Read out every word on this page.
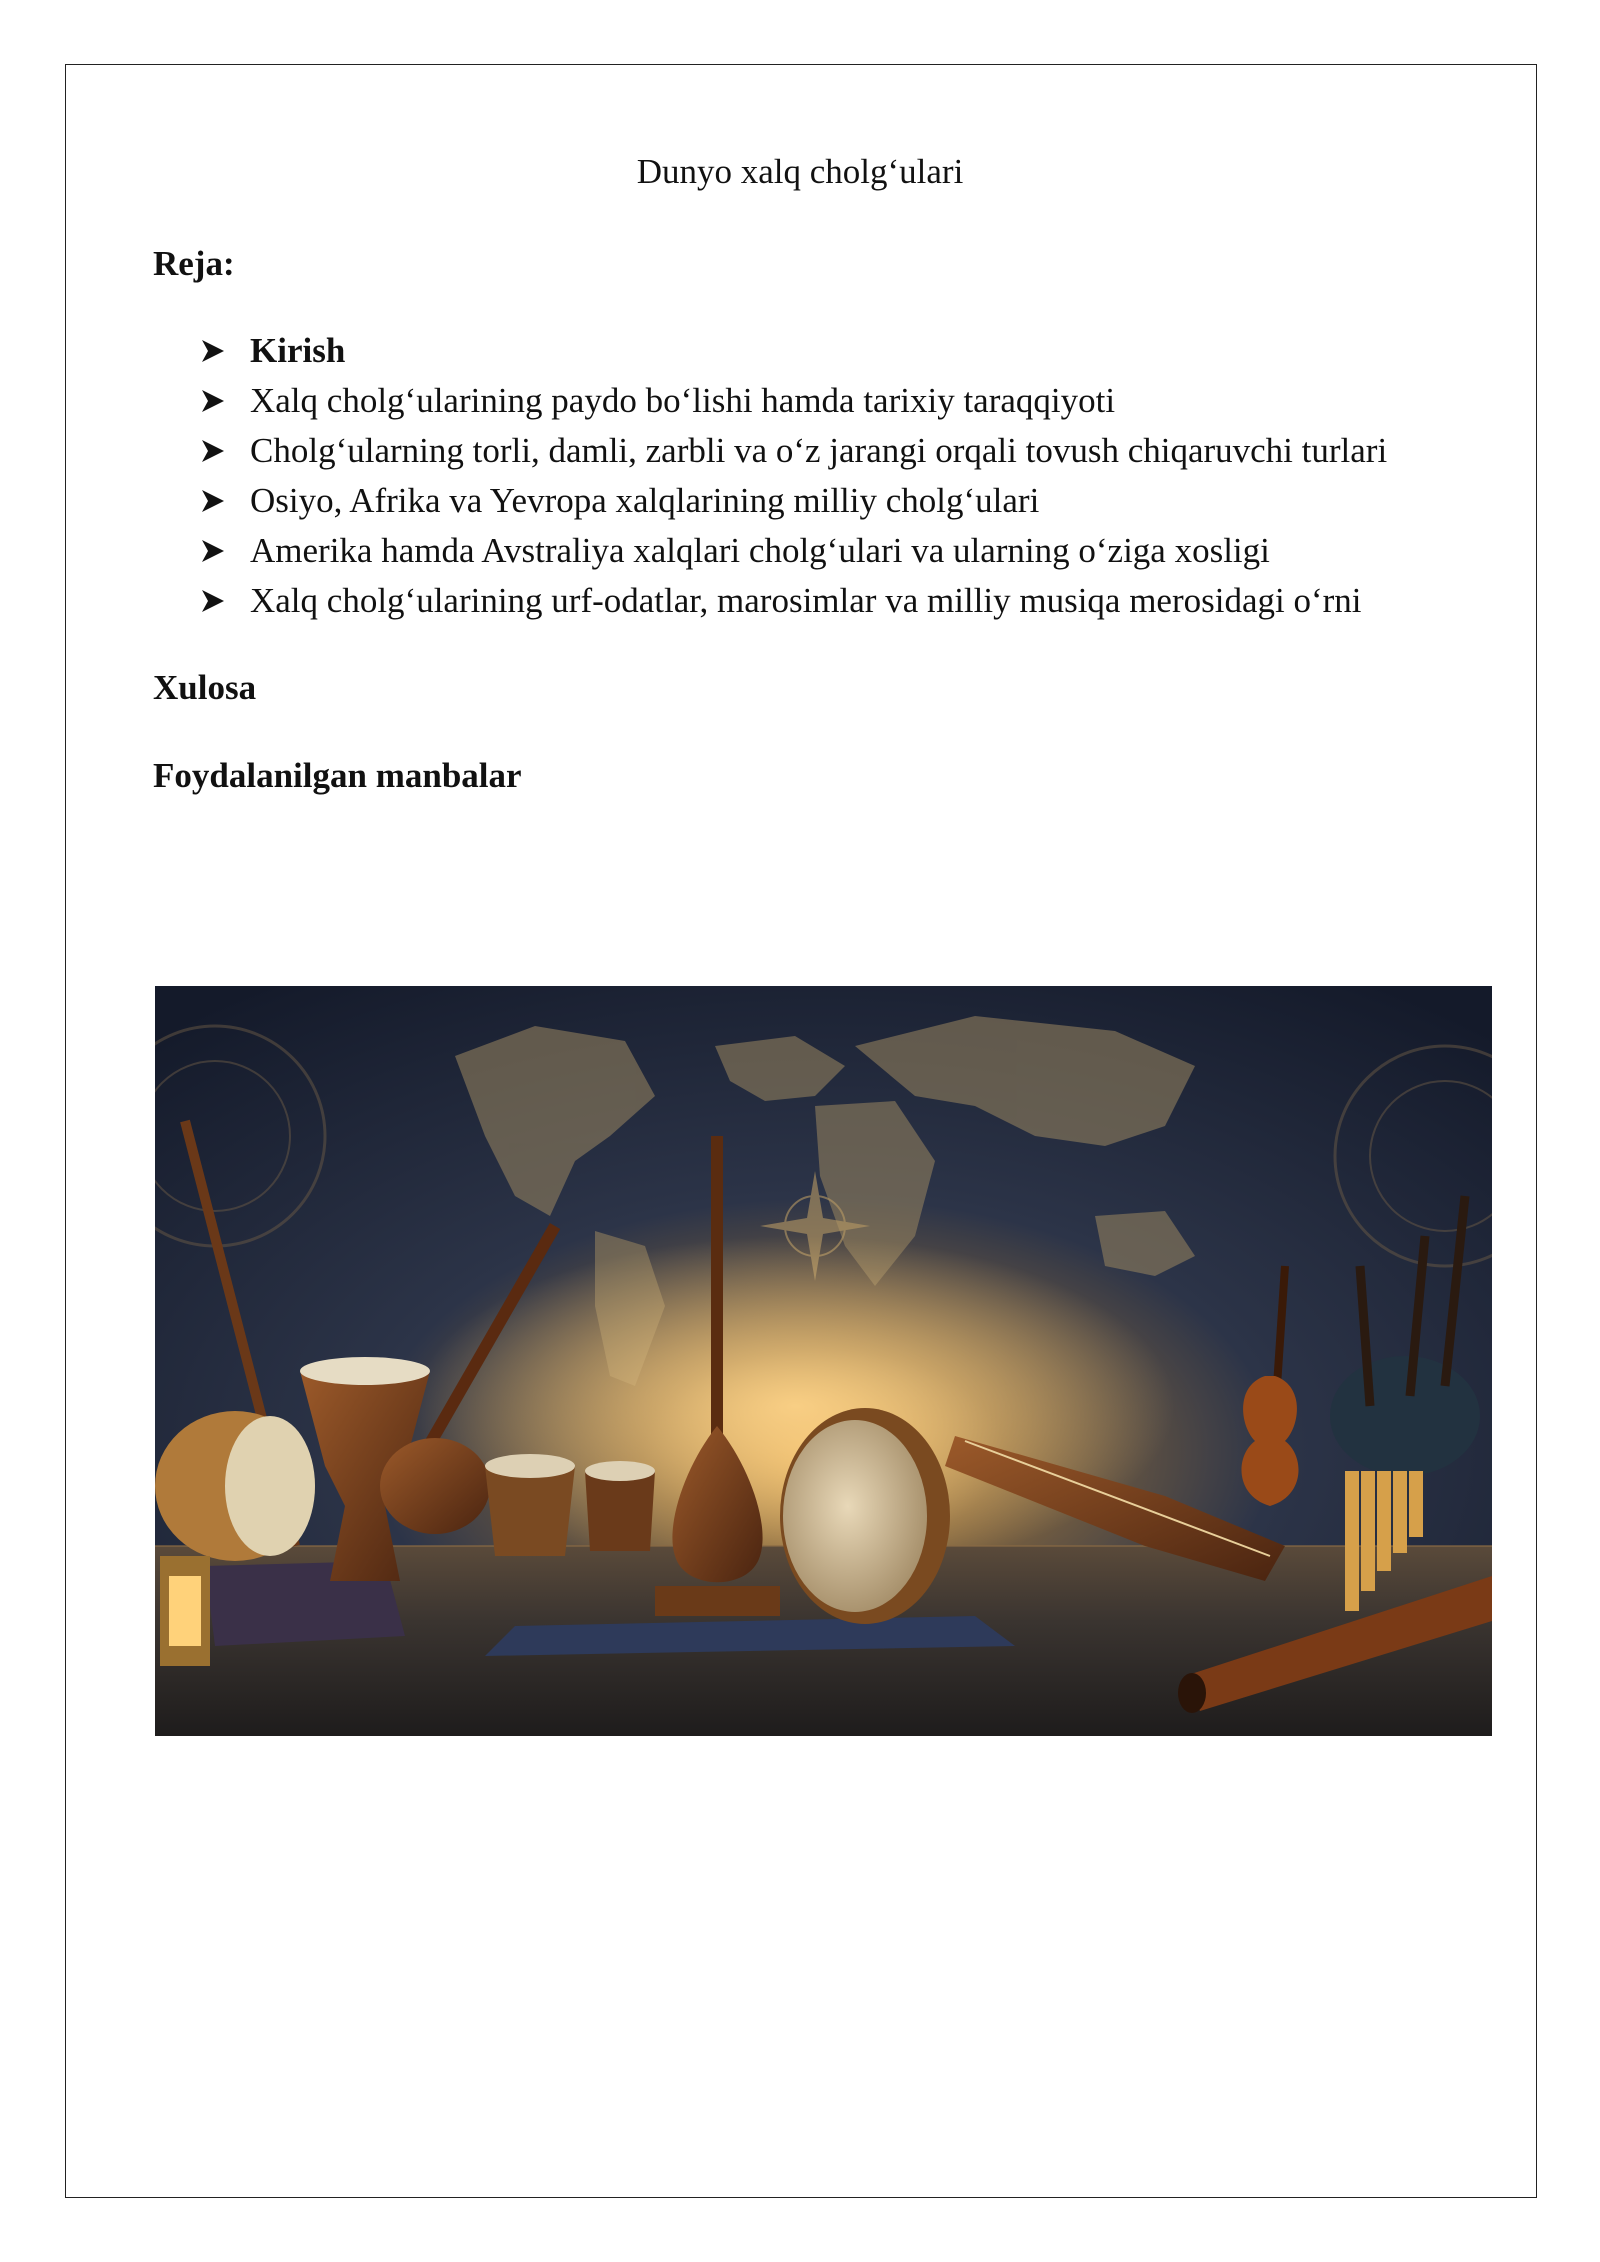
Dunyo xalq cholg‘ulari
Reja:
Kirish
Xalq cholg‘ularining paydo bo‘lishi hamda tarixiy taraqqiyoti
Cholg‘ularning torli, damli, zarbli va o‘z jarangi orqali tovush chiqaruvchi turlari
Osiyo, Afrika va Yevropa xalqlarining milliy cholg‘ulari
Amerika hamda Avstraliya xalqlari cholg‘ulari va ularning o‘ziga xosligi
Xalq cholg‘ularining urf-odatlar, marosimlar va milliy musiqa merosidagi o‘rni
Xulosa
Foydalanilgan manbalar
